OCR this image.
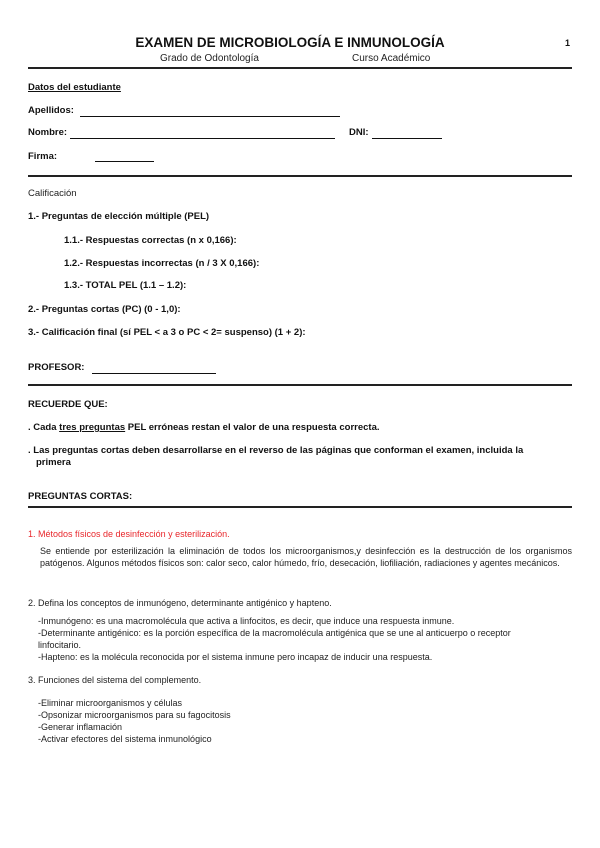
EXAMEN DE MICROBIOLOGÍA E INMUNOLOGÍA	1
Grado de Odontología	Curso Académico
Datos del estudiante
Apellidos:
Nombre:	DNI:
Firma:
Calificación
1.- Preguntas de elección múltiple (PEL)
1.1.- Respuestas correctas (n x 0,166):
1.2.- Respuestas incorrectas (n / 3 X 0,166):
1.3.- TOTAL PEL (1.1 – 1.2):
2.- Preguntas cortas (PC) (0 - 1,0):
3.- Calificación final (sí PEL < a 3 o PC < 2= suspenso) (1 + 2):
PROFESOR:
RECUERDE QUE:
. Cada tres preguntas PEL erróneas restan el valor de una respuesta correcta.
. Las preguntas cortas deben desarrollarse en el reverso de las páginas que conforman el examen, incluida la
primera
PREGUNTAS CORTAS:
1. Métodos físicos de desinfección y esterilización.
Se entiende por esterilización la eliminación de todos los microorganismos,y desinfección es la destrucción de los organismos patógenos. Algunos métodos físicos son: calor seco, calor húmedo, frío, desecación, liofiliación, radiaciones y agentes mecánicos.
2. Defina los conceptos de inmunógeno, determinante antigénico y hapteno.
-Inmunógeno: es una macromolécula que activa a linfocitos, es decir, que induce una respuesta inmune.
-Determinante antigénico: es la porción específica de la macromolécula antigénica que se une al anticuerpo o receptor
linfocitario.
-Hapteno: es la molécula reconocida por el sistema inmune pero incapaz de inducir una respuesta.
3. Funciones del sistema del complemento.
-Eliminar microorganismos y células
-Opsonizar microorganismos para su fagocitosis
-Generar inflamación
-Activar efectores del sistema inmunológico
